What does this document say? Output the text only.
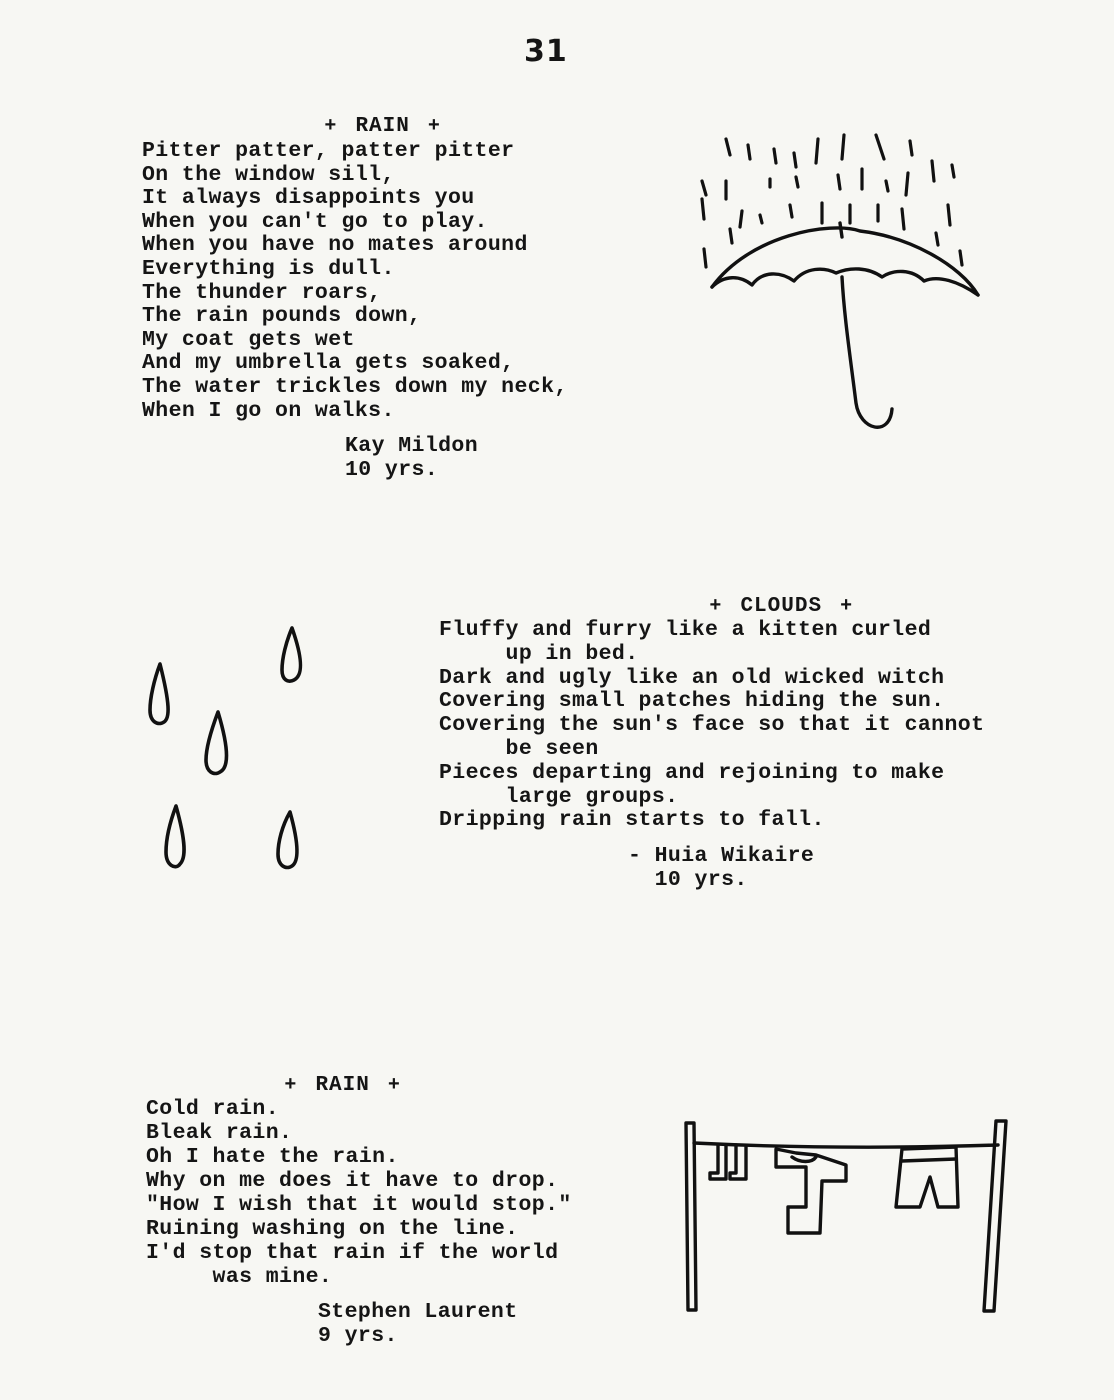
31

+ RAIN +

Pitter patter, patter pitter
On the window sill,
It always disappoints you
When you can't go to play.
When you have no mates around
Everything is dull.
The thunder roars,
The rain pounds down,
My coat gets wet
And my umbrella gets soaked,
The water trickles down my neck,
When I go on walks.
Kay Mildon
10 yrs.

+ CLOUDS +

Fluffy and furry like a kitten curled
up in bed.
Dark and ugly like an old wicked witch
Covering small patches hiding the sun.
Covering the sun's face so that it cannot
be seen
Pieces departing and rejoining to make
large groups.
Dripping rain starts to fall.
- Huia Wikaire
10 yrs.

+ RAIN +

Cold rain.
Bleak rain.
Oh I hate the rain.
Why on me does it have to drop.
"How I wish that it would stop."
Ruining washing on the line.
I'd stop that rain if the world
was mine.
Stephen Laurent
9 yrs.
